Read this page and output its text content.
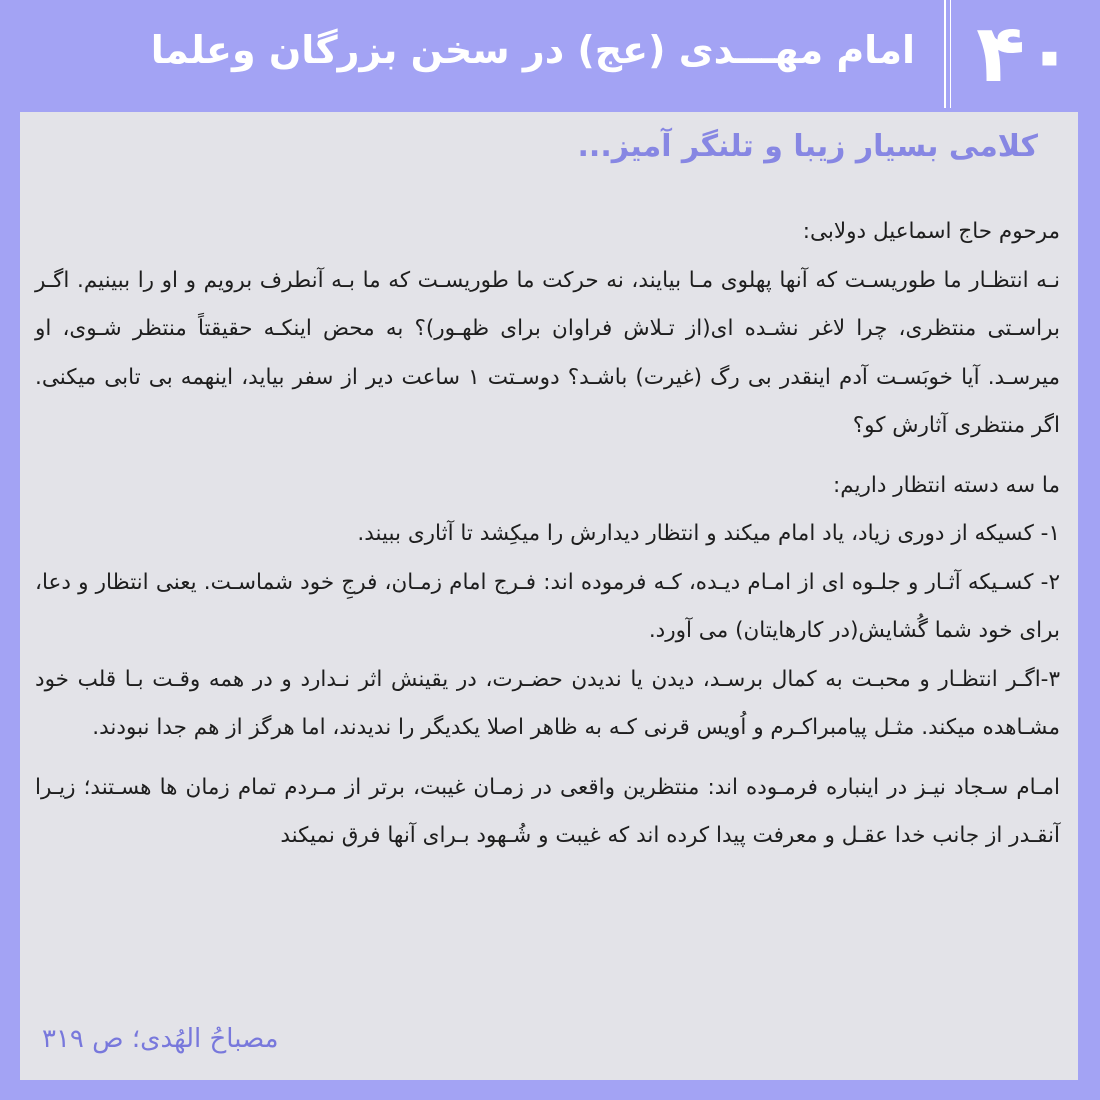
۴۰
امام مهـــدی (عج) در سخن بزرگان وعلما
کلامی بسیار زیبا و تلنگر آمیز...

مرحوم حاج اسماعیل دولابی:

نـه انتظـار ما طوریسـت که آنها پهلوی مـا بیایند، نه حرکت ما طوریسـت که ما بـه آنطرف برویم و او را ببینیم. اگـر براسـتی منتظری، چرا لاغر نشـده ای(از تـلاش فراوان برای ظهـور)؟ به محض اینکـه حقیقتاً منتظر شـوی، او میرسـد. آیا خوبَسـت آدم اینقدر بی رگ (غیرت) باشـد؟ دوسـتت ۱ ساعت دیر از سفر بیاید، اینهمه بی تابی میکنی. اگر منتظری آثارش کو؟

ما سه دسته انتظار داریم:

۱- کسیکه از دوری زیاد، یاد امام میکند و انتظار دیدارش را میکِشد تا آثاری ببیند.

۲- کسـیکه آثـار و جلـوه ای از امـام دیـده، کـه فرموده اند: فـرج امام زمـان، فرجِ خود شماسـت. یعنی انتظار و دعا، برای خود شما گُشایش(در کارهایتان) می آورد.

۳-اگـر انتظـار و محبـت به کمال برسـد، دیدن یا ندیدن حضـرت، در یقینش اثر نـدارد و در همه وقـت بـا قلب خود مشـاهده میکند. مثـل پیامبراکـرم و اُویس قرنی کـه به ظاهر اصلا یکدیگر را ندیدند، اما هرگز از هم جدا نبودند.

امـام سـجاد نیـز در اینباره فرمـوده اند: منتظرین واقعی در زمـان غیبت، برتر از مـردم تمام زمان ها هسـتند؛ زیـرا آنقـدر از جانب خدا عقـل و معرفت پیدا کرده اند که غیبت و شُـهود بـرای آنها فرق نمیکند

مصباحُ الهُدی؛ ص ۳۱۹
